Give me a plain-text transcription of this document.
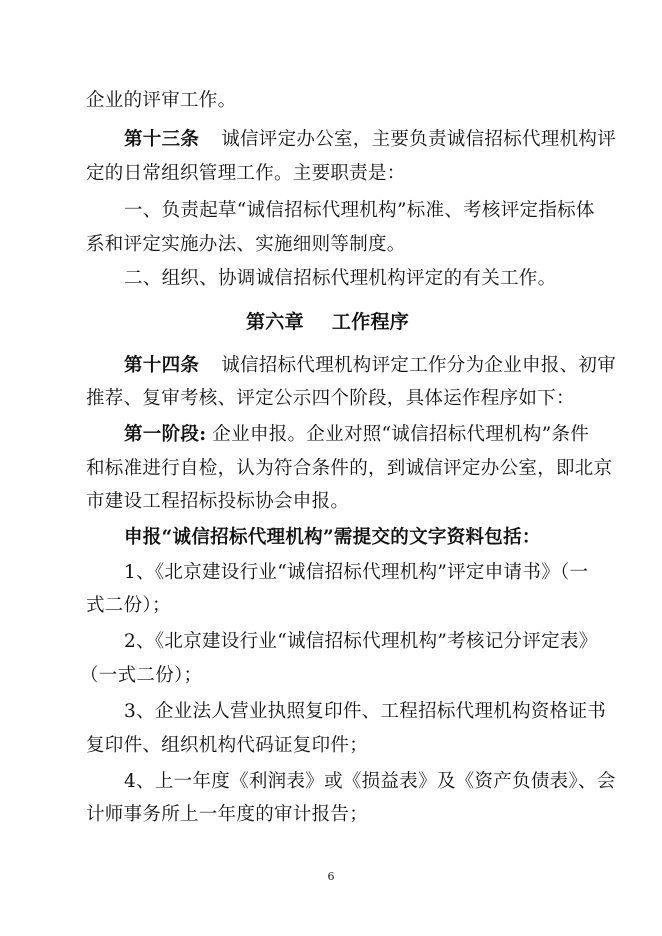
企业的评审工作。
第十三条 诚信评定办公室，主要负责诚信招标代理机构评
定的日常组织管理工作。主要职责是：
一、负责起草“诚信招标代理机构”标准、考核评定指标体
系和评定实施办法、实施细则等制度。
二、组织、协调诚信招标代理机构评定的有关工作。
第六章 工作程序
第十四条 诚信招标代理机构评定工作分为企业申报、初审
推荐、复审考核、评定公示四个阶段，具体运作程序如下：
第一阶段: 企业申报。企业对照“诚信招标代理机构”条件
和标准进行自检，认为符合条件的，到诚信评定办公室，即北京
市建设工程招标投标协会申报。
申报“诚信招标代理机构”需提交的文字资料包括：
1、《北京建设行业“诚信招标代理机构”评定申请书》（一
式二份）；
2、《北京建设行业“诚信招标代理机构”考核记分评定表》
（一式二份）；
3、企业法人营业执照复印件、工程招标代理机构资格证书
复印件、组织机构代码证复印件；
4、上一年度《利润表》或《损益表》及《资产负债表》、会
计师事务所上一年度的审计报告；
6
